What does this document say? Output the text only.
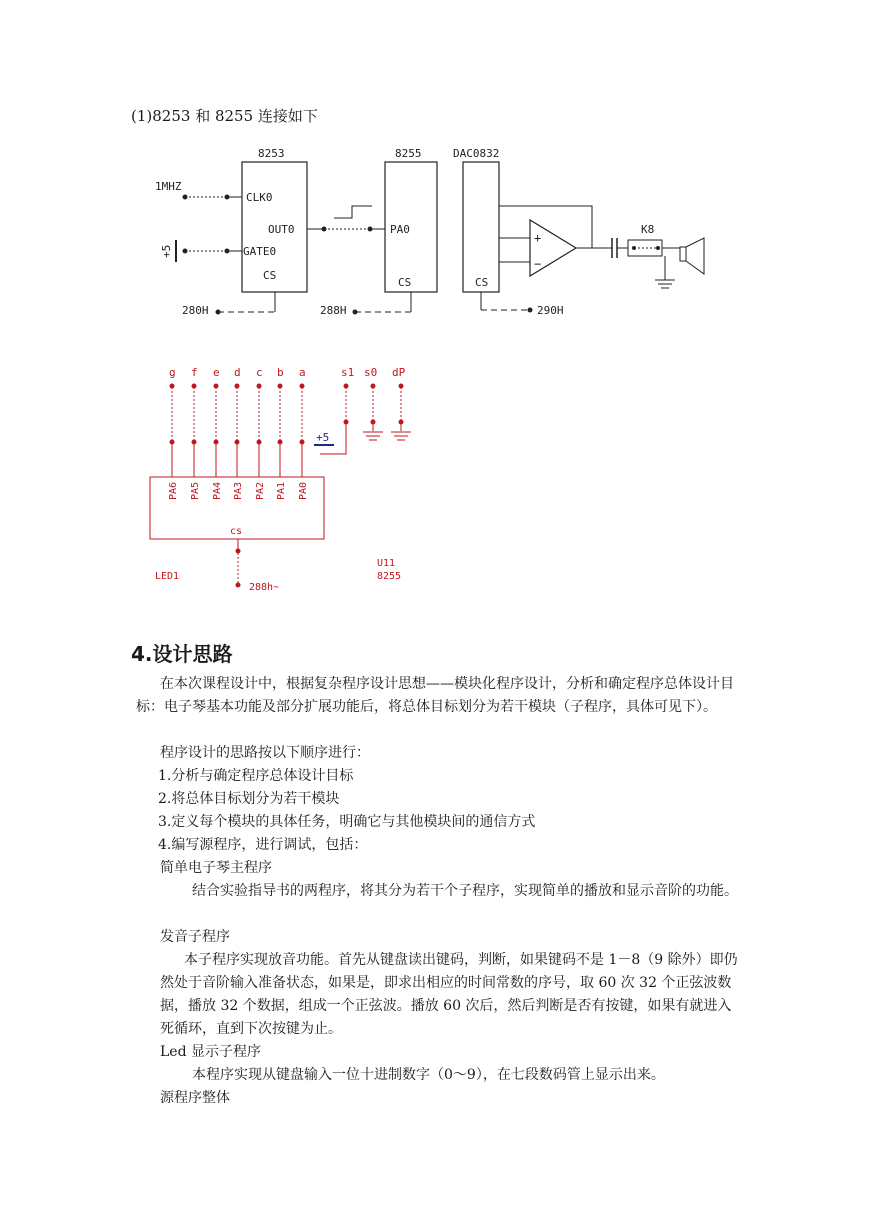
(1)8253 和 8255 连接如下
8253
1MHZ
CLK0
OUT0
+5	GATE0
CS
280H
8255
PA0
CS
288H
DAC0832
CS
290H
+
−
K8
g f e d c b a	s1 s0 dP
+5
PA6 PA5 PA4 PA3 PA2 PA1 PA0
cs
LED1
U11
8255
288h~
4.设计思路
在本次课程设计中，根据复杂程序设计思想——模块化程序设计，分析和确定程序总体设计目标：电子琴基本功能及部分扩展功能后，将总体目标划分为若干模块（子程序，具体可见下）。
程序设计的思路按以下顺序进行：
1.分析与确定程序总体设计目标
2.将总体目标划分为若干模块
3.定义每个模块的具体任务，明确它与其他模块间的通信方式
4.编写源程序，进行调试，包括：
简单电子琴主程序
结合实验指导书的两程序，将其分为若干个子程序，实现简单的播放和显示音阶的功能。
发音子程序
本子程序实现放音功能。首先从键盘读出键码，判断，如果键码不是 1－8（9 除外）即仍然处于音阶输入准备状态，如果是，即求出相应的时间常数的序号，取 60 次 32 个正弦波数据，播放 32 个数据，组成一个正弦波。播放 60 次后，然后判断是否有按键，如果有就进入死循环，直到下次按键为止。
Led 显示子程序
本程序实现从键盘输入一位十进制数字（0～9），在七段数码管上显示出来。
源程序整体
